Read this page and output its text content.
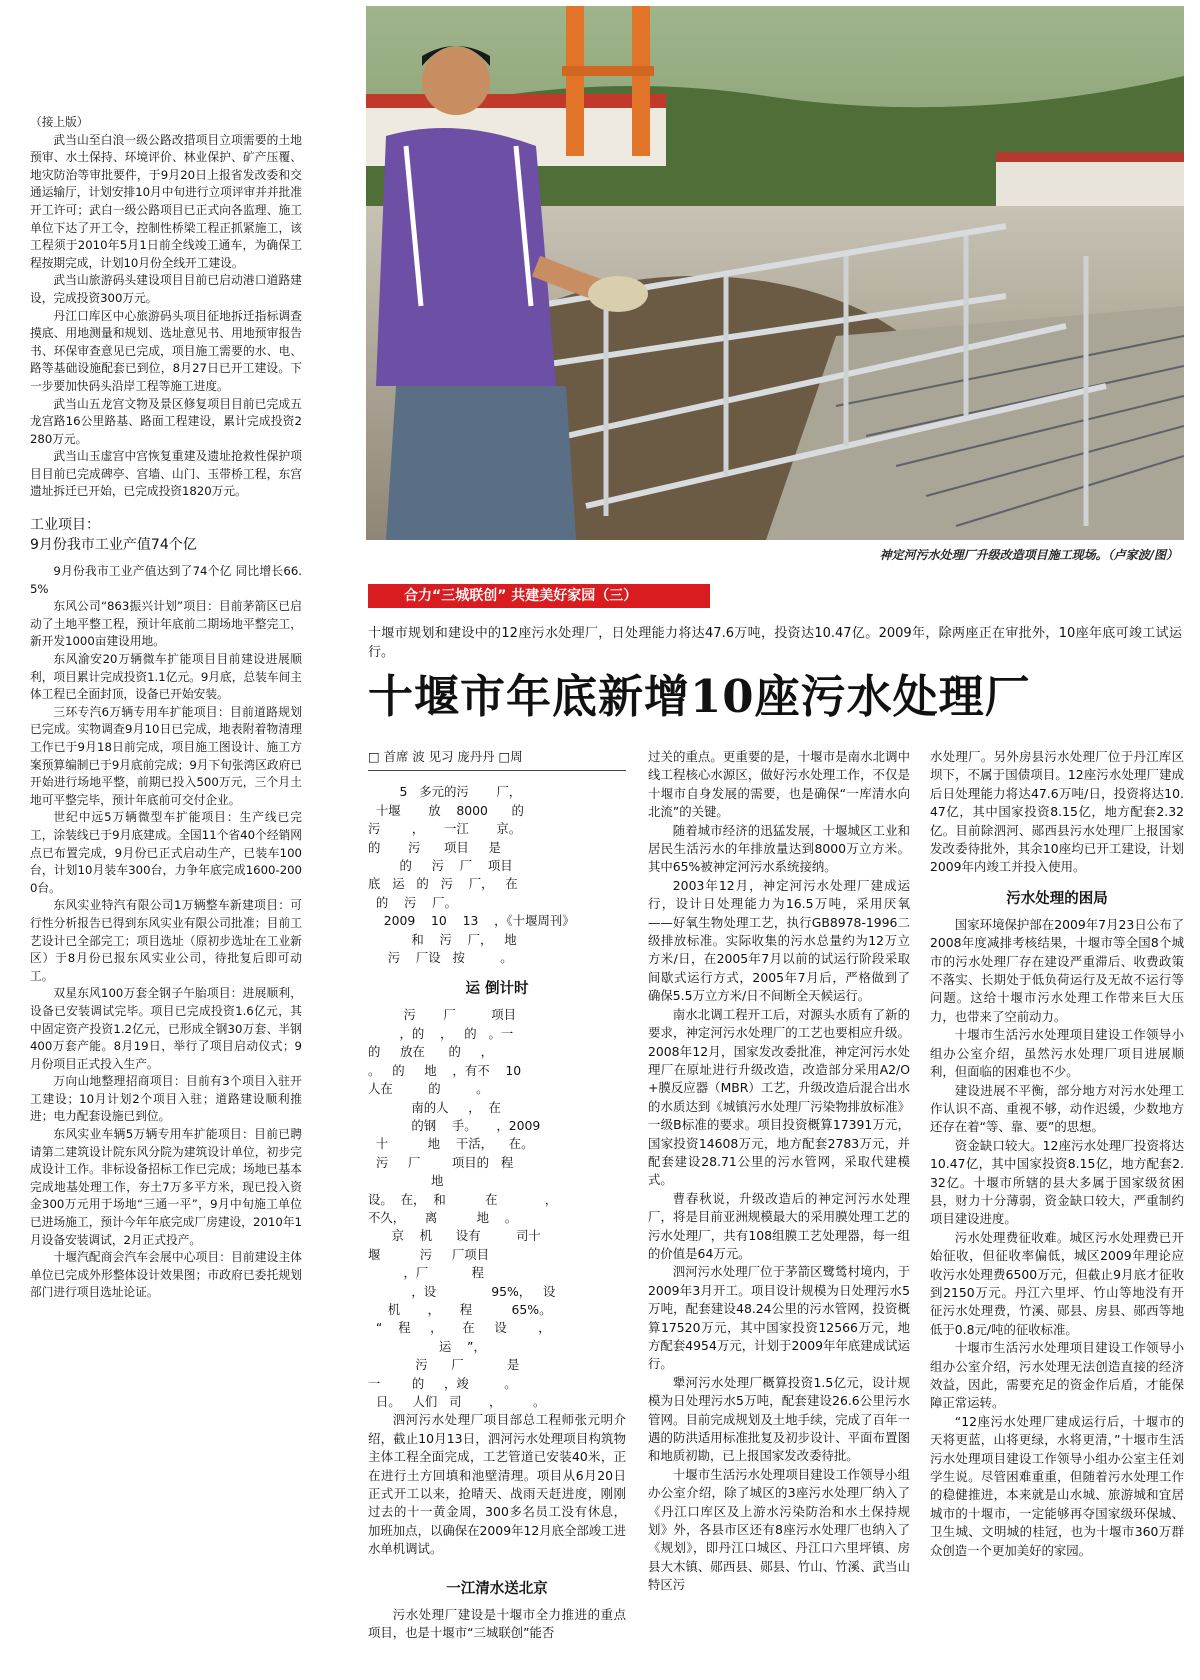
（接上版）

武当山至白浪一级公路改措项目立项需要的土地预审、水土保持、环境评价、林业保护、矿产压覆、地灾防治等审批要件，于9月20日上报省发改委和交通运输厅，计划安排10月中旬进行立项评审并并批准开工许可；武白一级公路项目已正式向各监理、施工单位下达了开工令，控制性桥梁工程正抓紧施工，该工程须于2010年5月1日前全线竣工通车，为确保工程按期完成，计划10月份全线开工建设。

武当山旅游码头建设项目目前已启动港口道路建设，完成投资300万元。

丹江口库区中心旅游码头项目征地拆迁指标调查摸底、用地测量和规划、选址意见书、用地预审报告书、环保审查意见已完成，项目施工需要的水、电、路等基础设施配套已到位，8月27日已开工建设。下一步要加快码头沿岸工程等施工进度。

武当山五龙宫文物及景区修复项目目前已完成五龙宫路16公里路基、路面工程建设，累计完成投资2280万元。

武当山玉虚宫中宫恢复重建及遗址抢救性保护项目目前已完成碑亭、宫墙、山门、玉带桥工程，东宫遗址拆迁已开始，已完成投资1820万元。

工业项目：
9月份我市工业产值74个亿

9月份我市工业产值达到了74个亿 同比增长66.5%

东风公司“863振兴计划”项目：目前茅箭区已启动了土地平整工程，预计年底前二期场地平整完工，新开发1000亩建设用地。

东风渝安20万辆微车扩能项目目前建设进展顺利，项目累计完成投资1.1亿元。9月底，总装车间主体工程已全面封顶，设备已开始安装。

三环专汽6万辆专用车扩能项目：目前道路规划已完成。实物调查9月10日已完成，地表附着物清理工作已于9月18日前完成，项目施工图设计、施工方案预算编制已于9月底前完成；9月下旬张湾区政府已开始进行场地平整，前期已投入500万元，三个月土地可平整完毕，预计年底前可交付企业。

世纪中远5万辆微型车扩能项目：生产线已完工，涂装线已于9月底建成。全国11个省40个经销网点已布置完成，9月份已正式启动生产，已装车100台，计划10月装车300台，力争年底完成1600-2000台。

东风实业特汽有限公司1万辆整车新建项目：可行性分析报告已得到东风实业有限公司批准；目前工艺设计已全部完工；项目选址（原初步选址在工业新区）于8月份已报东风实业公司，待批复后即可动工。

双星东风100万套全钢子午胎项目：进展顺利，设备已安装调试完毕。项目已完成投资1.6亿元，其中固定资产投资1.2亿元，已形成全钢30万套、半钢400万套产能。8月19日，举行了项目启动仪式；9月份项目正式投入生产。

万向山地整理招商项目：目前有3个项目入驻开工建设；10月计划2个项目入驻；道路建设顺利推进；电力配套设施已到位。

东风实业车辆5万辆专用车扩能项目：目前已聘请第二建筑设计院东风分院为建筑设计单位，初步完成设计工作。非标设备招标工作已完成；场地已基本完成地基处理工作，夯土7万多平方米，现已投入资金300万元用于场地“三通一平”，9月中旬施工单位已进场施工，预计今年年底完成厂房建设，2010年1月设备安装调试，2月正式投产。

十堰汽配商会汽车会展中心项目：目前建设主体单位已完成外形整体设计效果图；市政府已委托规划部门进行项目选址论证。

神定河污水处理厂升级改造项目施工现场。（卢家波/图）
合力“三城联创” 共建美好家园（三）
十堰市规划和建设中的12座污水处理厂，日处理能力将达47.6万吨，投资达10.47亿。2009年，除两座正在审批外，10座年底可竣工试运行。
十堰市年底新增10座污水处理厂
□ 首席 波 见习 庞丹丹 □周

5   多元的污       厂，
十堰       放    8000      的
污        ，     一江       京。
的       污      项目     是
的     污    厂    项目
底   运   的   污    厂，   在
的    污    厂。
2009    10    13    ，《十堰周刊》
和    污    厂，   地
污    厂设   按         。

运 倒计时

污       厂         项目
，的    ，   的   。一
的     放在      的     ，
。   的     地    ，有不    10
人在         的         。
南的人     ，  在
的钢    手。     ，2009
十          地    干活，    在。
污     厂        项目的   程
地
设。  在，  和          在            ，
不久，     离          地    。
京    机      设有         司十
堰          污     厂项目
，厂           程
，设              95%，   设
机       ，     程          65%。
“    程     ，     在     设        ，
运    ”，
污      厂           是
一        的     ，竣         。
日。   人们   司       ，        。

泗河污水处理厂项目部总工程师张元明介绍，截止10月13日，泗河污水处理项目构筑物主体工程全面完成，工艺管道已安装40米，正在进行土方回填和池壁清理。项目从6月20日正式开工以来，抢晴天、战雨天赶进度，刚刚过去的十一黄金周，300多名员工没有休息，加班加点，以确保在2009年12月底全部竣工进水单机调试。

一江清水送北京

污水处理厂建设是十堰市全力推进的重点项目，也是十堰市“三城联创”能否

过关的重点。更重要的是，十堰市是南水北调中线工程核心水源区，做好污水处理工作，不仅是十堰市自身发展的需要，也是确保“一库清水向北流”的关键。

随着城市经济的迅猛发展，十堰城区工业和居民生活污水的年排放量达到8000万立方米。其中65%被神定河污水系统接纳。

2003年12月，神定河污水处理厂建成运行，设计日处理能力为16.5万吨，采用厌氧——好氧生物处理工艺，执行GB8978-1996二级排放标准。实际收集的污水总量约为12万立方米/日，在2005年7月以前的试运行阶段采取间歇式运行方式，2005年7月后，严格做到了确保5.5万立方米/日不间断全天候运行。

南水北调工程开工后，对源头水质有了新的要求，神定河污水处理厂的工艺也要相应升级。2008年12月，国家发改委批准，神定河污水处理厂在原址进行升级改造，改造部分采用A2/O+膜反应器（MBR）工艺，升级改造后混合出水的水质达到《城镇污水处理厂污染物排放标准》一级B标准的要求。项目投资概算17391万元，国家投资14608万元，地方配套2783万元，并配套建设28.71公里的污水管网，采取代建模式。

曹春秋说，升级改造后的神定河污水处理厂，将是目前亚洲规模最大的采用膜处理工艺的污水处理厂，共有108组膜工艺处理器，每一组的价值是64万元。

泗河污水处理厂位于茅箭区鹭鸶村境内，于2009年3月开工。项目设计规模为日处理污水5万吨，配套建设48.24公里的污水管网，投资概算17520万元，其中国家投资12566万元，地方配套4954万元，计划于2009年年底建成试运行。

犟河污水处理厂概算投资1.5亿元，设计规模为日处理污水5万吨，配套建设26.6公里污水管网。目前完成规划及土地手续，完成了百年一遇的防洪适用标准批复及初步设计、平面布置图和地质初勘，已上报国家发改委待批。

十堰市生活污水处理项目建设工作领导小组办公室介绍，除了城区的3座污水处理厂纳入了《丹江口库区及上游水污染防治和水土保持规划》外，各县市区还有8座污水处理厂也纳入了《规划》，即丹江口城区、丹江口六里坪镇、房县大木镇、郧西县、郧县、竹山、竹溪、武当山特区污

水处理厂。另外房县污水处理厂位于丹江库区坝下，不属于国债项目。12座污水处理厂建成后日处理能力将达47.6万吨/日，投资将达10.47亿，其中国家投资8.15亿，地方配套2.32亿。目前除泗河、郧西县污水处理厂上报国家发改委待批外，其余10座均已开工建设，计划2009年内竣工并投入使用。

污水处理的困局

国家环境保护部在2009年7月23日公布了2008年度减排考核结果，十堰市等全国8个城市的污水处理厂存在建设严重滞后、收费政策不落实、长期处于低负荷运行及无故不运行等问题。这给十堰市污水处理工作带来巨大压力，也带来了空前动力。

十堰市生活污水处理项目建设工作领导小组办公室介绍，虽然污水处理厂项目进展顺利，但面临的困难也不少。

建设进展不平衡，部分地方对污水处理工作认识不高、重视不够，动作迟缓，少数地方还存在着“等、靠、要”的思想。

资金缺口较大。12座污水处理厂投资将达10.47亿，其中国家投资8.15亿，地方配套2.32亿。十堰市所辖的县大多属于国家级贫困县，财力十分薄弱，资金缺口较大，严重制约项目建设进度。

污水处理费征收难。城区污水处理费已开始征收，但征收率偏低，城区2009年理论应收污水处理费6500万元，但截止9月底才征收到2150万元。丹江六里坪、竹山等地没有开征污水处理费，竹溪、郧县、房县、郧西等地低于0.8元/吨的征收标准。

十堰市生活污水处理项目建设工作领导小组办公室介绍，污水处理无法创造直接的经济效益，因此，需要充足的资金作后盾，才能保障正常运转。

“12座污水处理厂建成运行后，十堰市的天将更蓝，山将更绿，水将更清，”十堰市生活污水处理项目建设工作领导小组办公室主任刘学生说。尽管困难重重，但随着污水处理工作的稳健推进，本来就是山水城、旅游城和宜居城市的十堰市，一定能够再夺国家级环保城、卫生城、文明城的桂冠，也为十堰市360万群众创造一个更加美好的家园。
